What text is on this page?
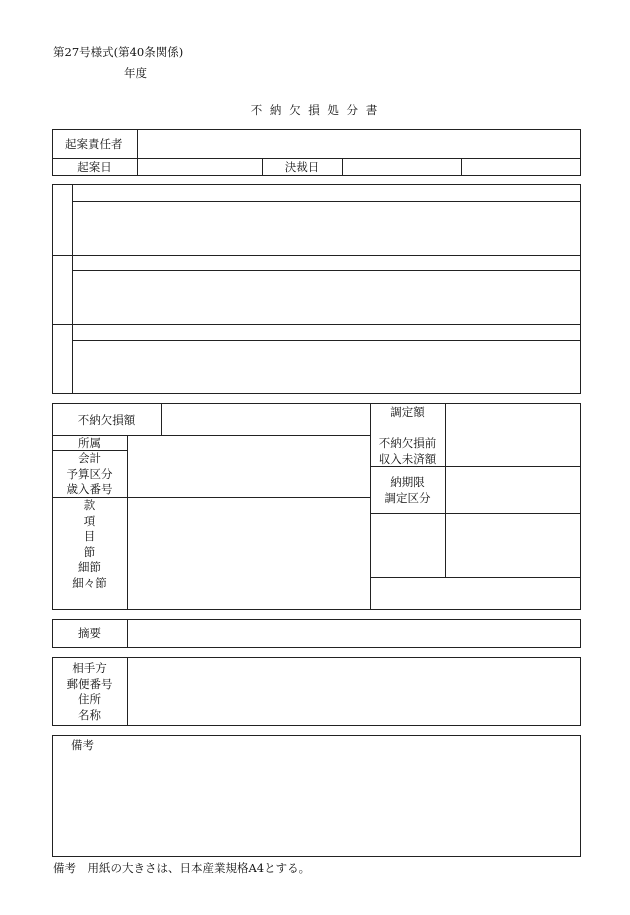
第27号様式(第40条関係)
年度
不 納 欠 損 処 分 書
起案責任者
起案日	決裁日
不納欠損額
調定額
不納欠損前
収入未済額
納期限
調定区分
所属
会計
予算区分
歳入番号
款
項
目
節
細節
細々節
摘要
相手方
郵便番号
住所
名称
備考
備考　用紙の大きさは、日本産業規格A4とする。
